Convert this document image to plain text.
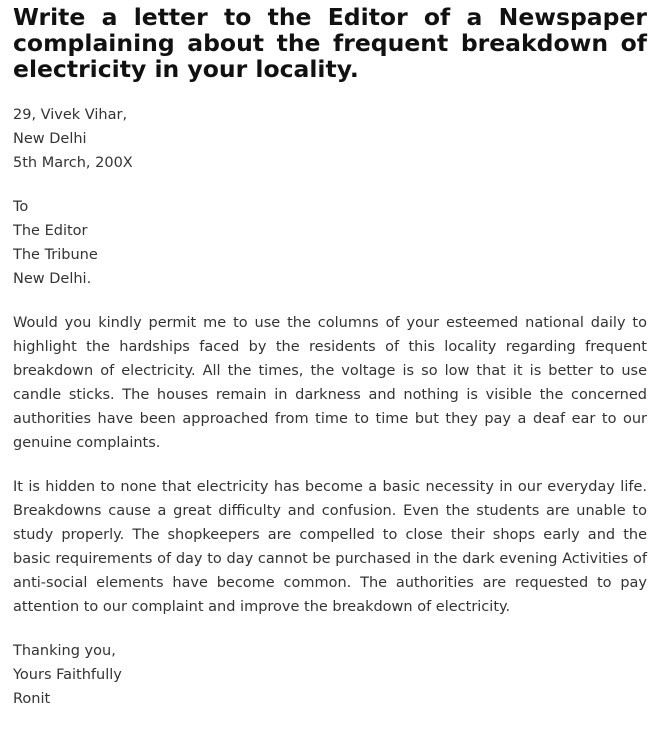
Write a letter to the Editor of a Newspaper complaining about the frequent breakdown of electricity in your locality.
29, Vivek Vihar,
New Delhi
5th March, 200X
To
The Editor
The Tribune
New Delhi.

Would you kindly permit me to use the columns of your esteemed national daily to highlight the hardships faced by the residents of this locality regarding frequent breakdown of electricity. All the times, the voltage is so low that it is better to use candle sticks. The houses remain in darkness and nothing is visible the concerned authorities have been approached from time to time but they pay a deaf ear to our genuine complaints.

It is hidden to none that electricity has become a basic necessity in our everyday life. Breakdowns cause a great difficulty and confusion. Even the students are unable to study properly. The shopkeepers are compelled to close their shops early and the basic requirements of day to day cannot be purchased in the dark evening Activities of anti-social elements have become common. The authorities are requested to pay attention to our complaint and improve the breakdown of electricity.

Thanking you,
Yours Faithfully
Ronit
